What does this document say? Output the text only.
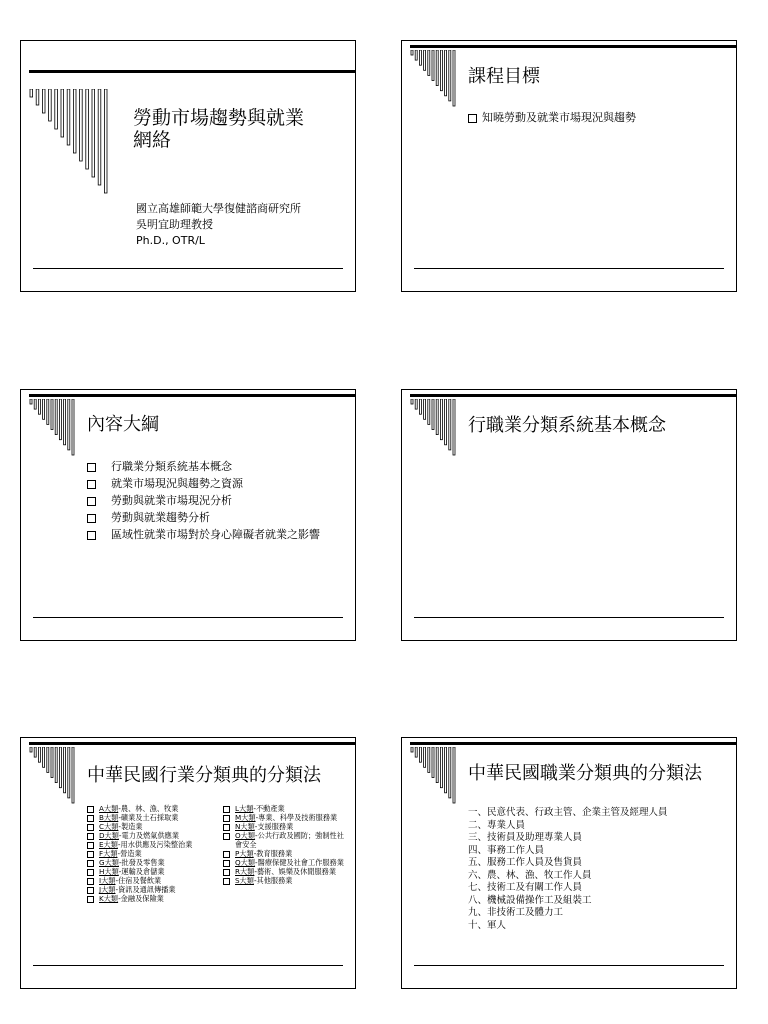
勞動市場趨勢與就業
網絡
國立高雄師範大學復健諮商研究所
吳明宜助理教授
Ph.D., OTR/L
課程目標
知曉勞動及就業市場現況與趨勢
內容大綱
行職業分類系統基本概念
就業市場現況與趨勢之資源
勞動與就業市場現況分析
勞動與就業趨勢分析
區域性就業市場對於身心障礙者就業之影響
行職業分類系統基本概念
中華民國行業分類典的分類法
A大類-農、林、漁、牧業
B大類-礦業及土石採取業
C大類-製造業
D大類-電力及燃氣供應業
E大類-用水供應及污染整治業
F大類-營造業
G大類-批發及零售業
H大類-運輸及倉儲業
I大類-住宿及餐飲業
J大類-資訊及通訊傳播業
K大類-金融及保險業
L大類-不動產業
M大類-專業、科學及技術服務業
N大類-支援服務業
O大類-公共行政及國防；強制性社會安全
P大類-教育服務業
Q大類-醫療保健及社會工作服務業
R大類-藝術、娛樂及休閒服務業
S大類-其他服務業
中華民國職業分類典的分類法
一、民意代表、行政主管、企業主管及經理人員
二、專業人員
三、技術員及助理專業人員
四、事務工作人員
五、服務工作人員及售貨員
六、農、林、漁、牧工作人員
七、技術工及有關工作人員
八、機械設備操作工及組裝工
九、非技術工及體力工
十、軍人
